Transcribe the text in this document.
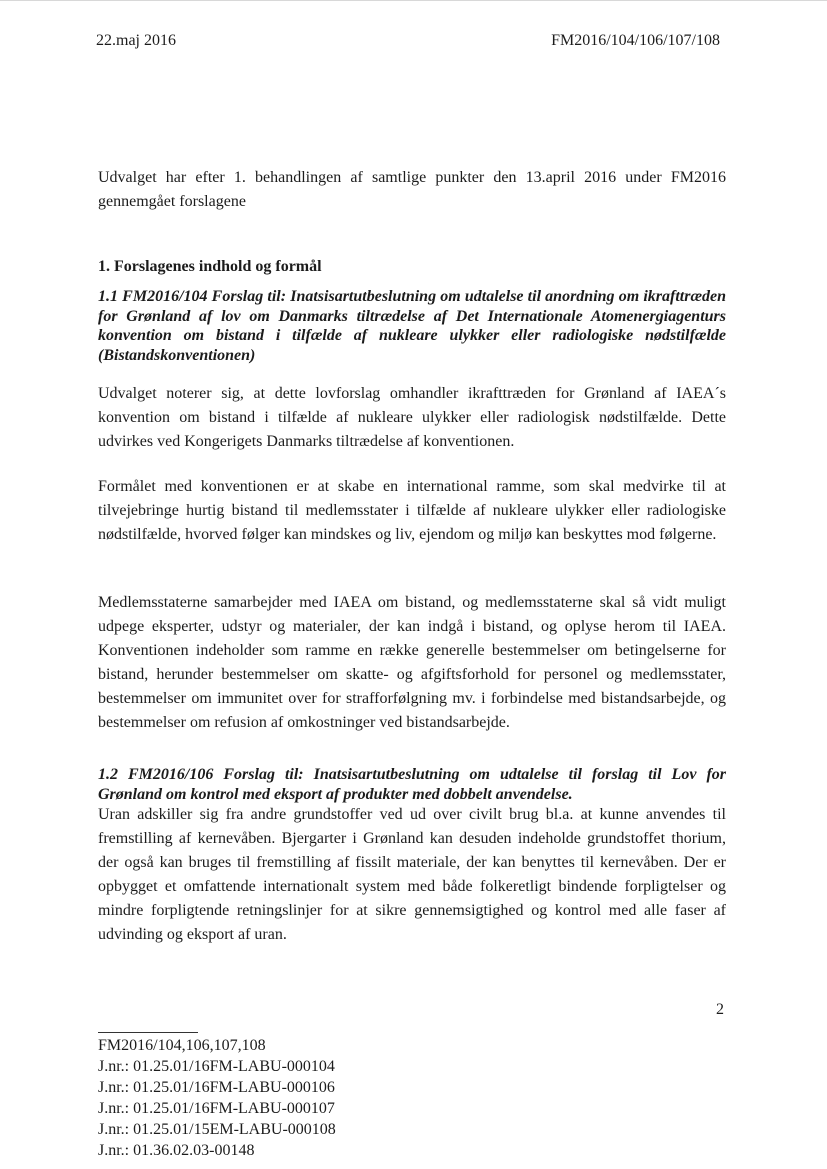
22.maj 2016	FM2016/104/106/107/108
Udvalget har efter 1. behandlingen af samtlige punkter den 13.april 2016 under FM2016 gennemgået forslagene
1. Forslagenes indhold og formål
1.1 FM2016/104 Forslag til: Inatsisartutbeslutning om udtalelse til anordning om ikrafttræden for Grønland af lov om Danmarks tiltrædelse af Det Internationale Atomenergiagenturs konvention om bistand i tilfælde af nukleare ulykker eller radiologiske nødstilfælde (Bistandskonventionen)
Udvalget noterer sig, at dette lovforslag omhandler ikrafttræden for Grønland af IAEA´s konvention om bistand i tilfælde af nukleare ulykker eller radiologisk nødstilfælde. Dette udvirkes ved Kongerigets Danmarks tiltrædelse af konventionen.
Formålet med konventionen er at skabe en international ramme, som skal medvirke til at tilvejebringe hurtig bistand til medlemsstater i tilfælde af nukleare ulykker eller radiologiske nødstilfælde, hvorved følger kan mindskes og liv, ejendom og miljø kan beskyttes mod følgerne.
Medlemsstaterne samarbejder med IAEA om bistand, og medlemsstaterne skal så vidt muligt udpege eksperter, udstyr og materialer, der kan indgå i bistand, og oplyse herom til IAEA. Konventionen indeholder som ramme en række generelle bestemmelser om betingelserne for bistand, herunder bestemmelser om skatte- og afgiftsforhold for personel og medlemsstater, bestemmelser om immunitet over for strafforfølgning mv. i forbindelse med bistandsarbejde, og bestemmelser om refusion af omkostninger ved bistandsarbejde.
1.2 FM2016/106 Forslag til: Inatsisartutbeslutning om udtalelse til forslag til Lov for Grønland om kontrol med eksport af produkter med dobbelt anvendelse.
Uran adskiller sig fra andre grundstoffer ved ud over civilt brug bl.a. at kunne anvendes til fremstilling af kernevåben. Bjergarter i Grønland kan desuden indeholde grundstoffet thorium, der også kan bruges til fremstilling af fissilt materiale, der kan benyttes til kernevåben. Der er opbygget et omfattende internationalt system med både folkeretligt bindende forpligtelser og mindre forpligtende retningslinjer for at sikre gennemsigtighed og kontrol med alle faser af udvinding og eksport af uran.
2
FM2016/104,106,107,108
J.nr.: 01.25.01/16FM-LABU-000104
J.nr.: 01.25.01/16FM-LABU-000106
J.nr.: 01.25.01/16FM-LABU-000107
J.nr.: 01.25.01/15EM-LABU-000108
J.nr.: 01.36.02.03-00148
